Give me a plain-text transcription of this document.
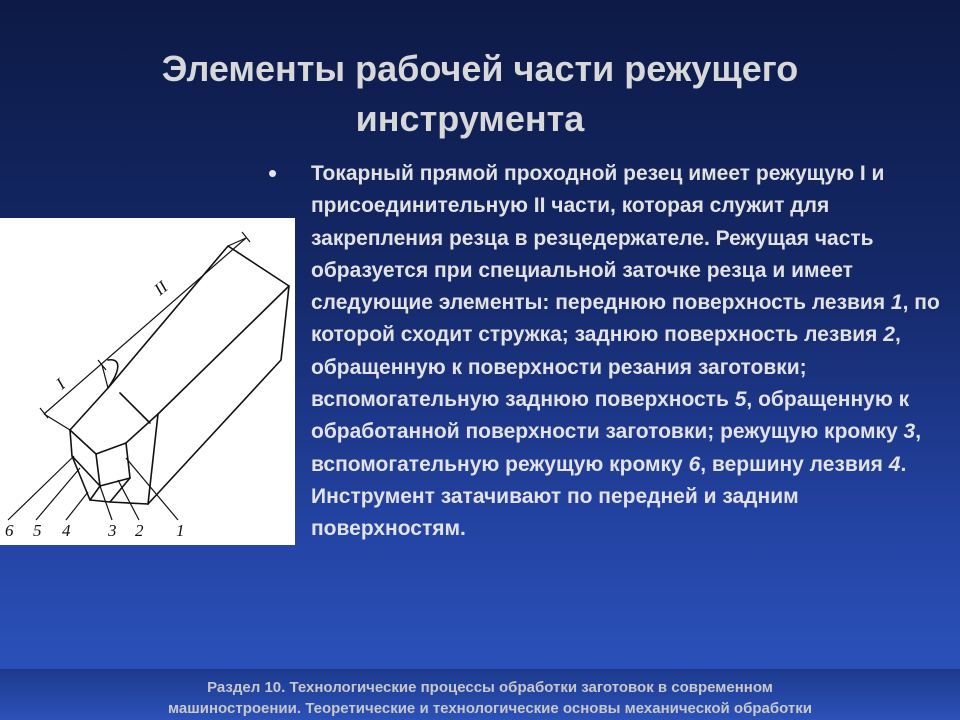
Элементы рабочей части режущего
инструмента
II
I
6 5 4 3 2 1
• Токарный прямой проходной резец имеет режущую I и присоединительную II части, которая служит для закрепления резца в резцедержателе. Режущая часть образуется при специальной заточке резца и имеет следующие элементы: переднюю поверхность лезвия 1, по которой сходит стружка; заднюю поверхность лезвия 2, обращенную к поверхности резания заготовки; вспомогательную заднюю поверхность 5, обращенную к обработанной поверхности заготовки; режущую кромку 3, вспомогательную режущую кромку 6, вершину лезвия 4. Инструмент затачивают по передней и задним поверхностям.
Раздел 10. Технологические процессы обработки заготовок в современном
машиностроении. Теоретические и технологические основы механической обработки
